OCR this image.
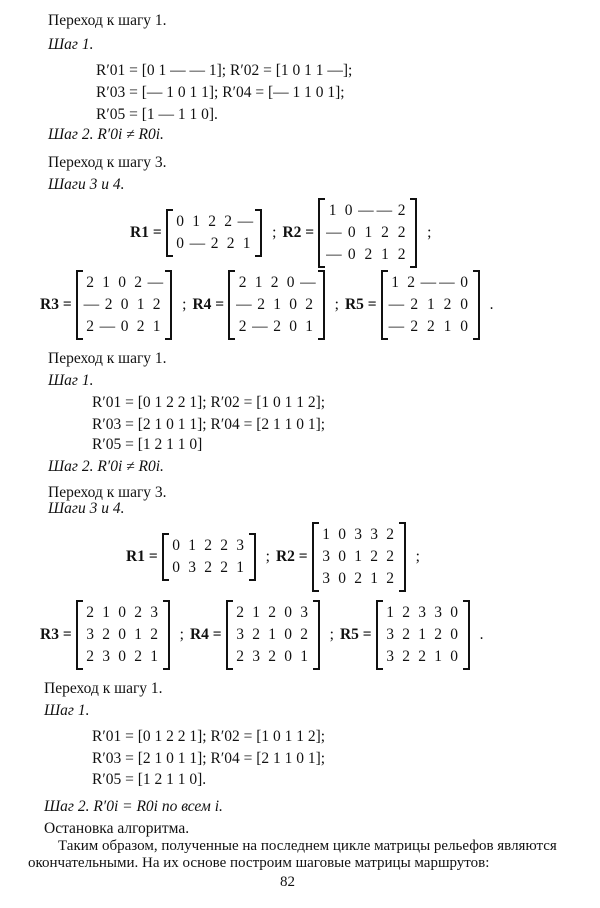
Переход к шагу 1.
Шаг 1.
R′01 = [0 1 — — 1]; R′02 = [1 0 1 1 —];
R′03 = [— 1 0 1 1]; R′04 = [— 1 1 0 1];
R′05 = [1 — 1 1 0].
Шаг 2. R′0i ≠ R0i.
Переход к шагу 3.
Шаги 3 и 4.
R1 =
0 1 2 2 —
0 — 2 2 1
; R2 =
1 0 — — 2
— 0 1 2 2
— 0 2 1 2
;
R3 =
2 1 0 2 —
— 2 0 1 2
2 — 0 2 1
; R4 =
2 1 2 0 —
— 2 1 0 2
2 — 2 0 1
; R5 =
1 2 — — 0
— 2 1 2 0
— 2 2 1 0
.
Переход к шагу 1.
Шаг 1.
R′01 = [0 1 2 2 1]; R′02 = [1 0 1 1 2];
R′03 = [2 1 0 1 1]; R′04 = [2 1 1 0 1];
R′05 = [1 2 1 1 0]
Шаг 2. R′0i ≠ R0i.
Переход к шагу 3.
Шаги 3 и 4.
R1 =
0 1 2 2 3
0 3 2 2 1
; R2 =
1 0 3 3 2
3 0 1 2 2
3 0 2 1 2
;
R3 =
2 1 0 2 3
3 2 0 1 2
2 3 0 2 1
; R4 =
2 1 2 0 3
3 2 1 0 2
2 3 2 0 1
; R5 =
1 2 3 3 0
3 2 1 2 0
3 2 2 1 0
.
Переход к шагу 1.
Шаг 1.
R′01 = [0 1 2 2 1]; R′02 = [1 0 1 1 2];
R′03 = [2 1 0 1 1]; R′04 = [2 1 1 0 1];
R′05 = [1 2 1 1 0].
Шаг 2. R′0i = R0i по всем i.
Остановка алгоритма.
Таким образом, полученные на последнем цикле матрицы рельефов являются
окончательными. На их основе построим шаговые матрицы маршрутов:
82
